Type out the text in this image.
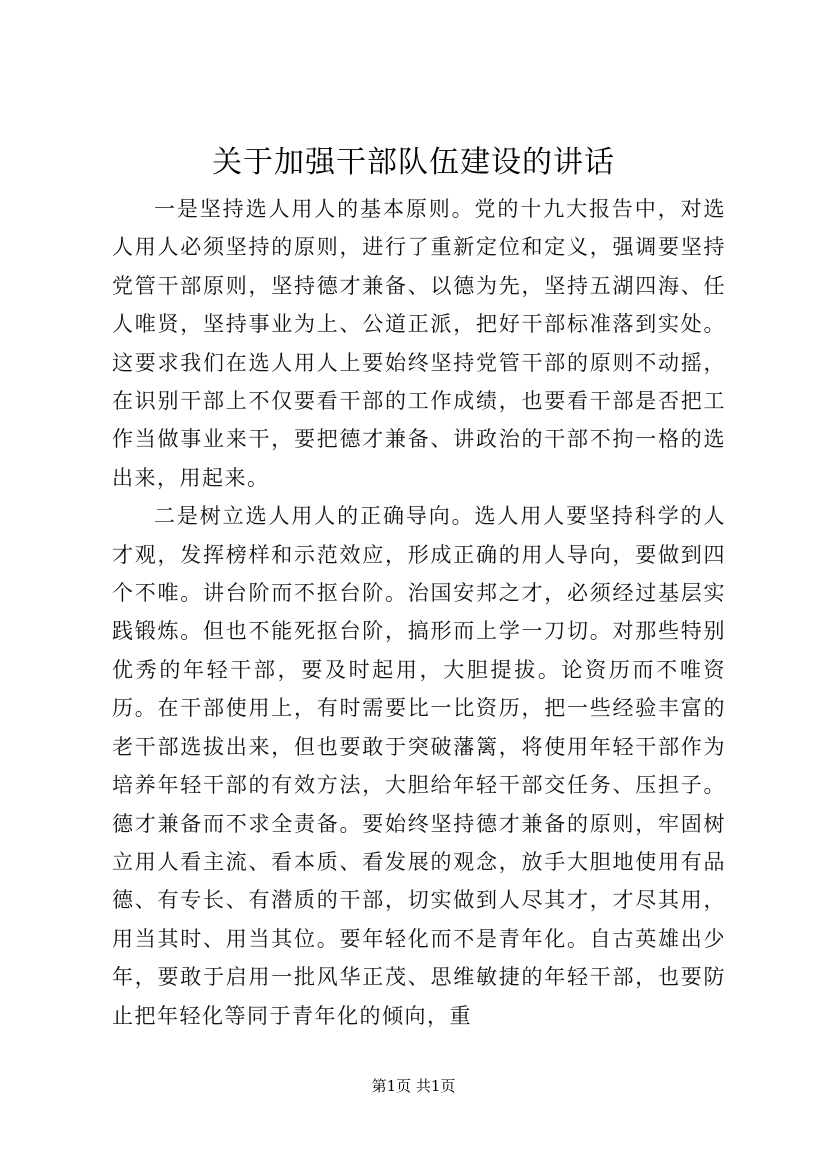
关于加强干部队伍建设的讲话

一是坚持选人用人的基本原则。党的十九大报告中，对选人用人必须坚持的原则，进行了重新定位和定义，强调要坚持党管干部原则，坚持德才兼备、以德为先，坚持五湖四海、任人唯贤，坚持事业为上、公道正派，把好干部标准落到实处。这要求我们在选人用人上要始终坚持党管干部的原则不动摇，在识别干部上不仅要看干部的工作成绩，也要看干部是否把工作当做事业来干，要把德才兼备、讲政治的干部不拘一格的选出来，用起来。

二是树立选人用人的正确导向。选人用人要坚持科学的人才观，发挥榜样和示范效应，形成正确的用人导向，要做到四个不唯。讲台阶而不抠台阶。治国安邦之才，必须经过基层实践锻炼。但也不能死抠台阶，搞形而上学一刀切。对那些特别优秀的年轻干部，要及时起用，大胆提拔。论资历而不唯资历。在干部使用上，有时需要比一比资历，把一些经验丰富的老干部选拔出来，但也要敢于突破藩篱，将使用年轻干部作为培养年轻干部的有效方法，大胆给年轻干部交任务、压担子。德才兼备而不求全责备。要始终坚持德才兼备的原则，牢固树立用人看主流、看本质、看发展的观念，放手大胆地使用有品德、有专长、有潜质的干部，切实做到人尽其才，才尽其用，用当其时、用当其位。要年轻化而不是青年化。自古英雄出少年，要敢于启用一批风华正茂、思维敏捷的年轻干部，也要防止把年轻化等同于青年化的倾向，重

第1页 共1页
